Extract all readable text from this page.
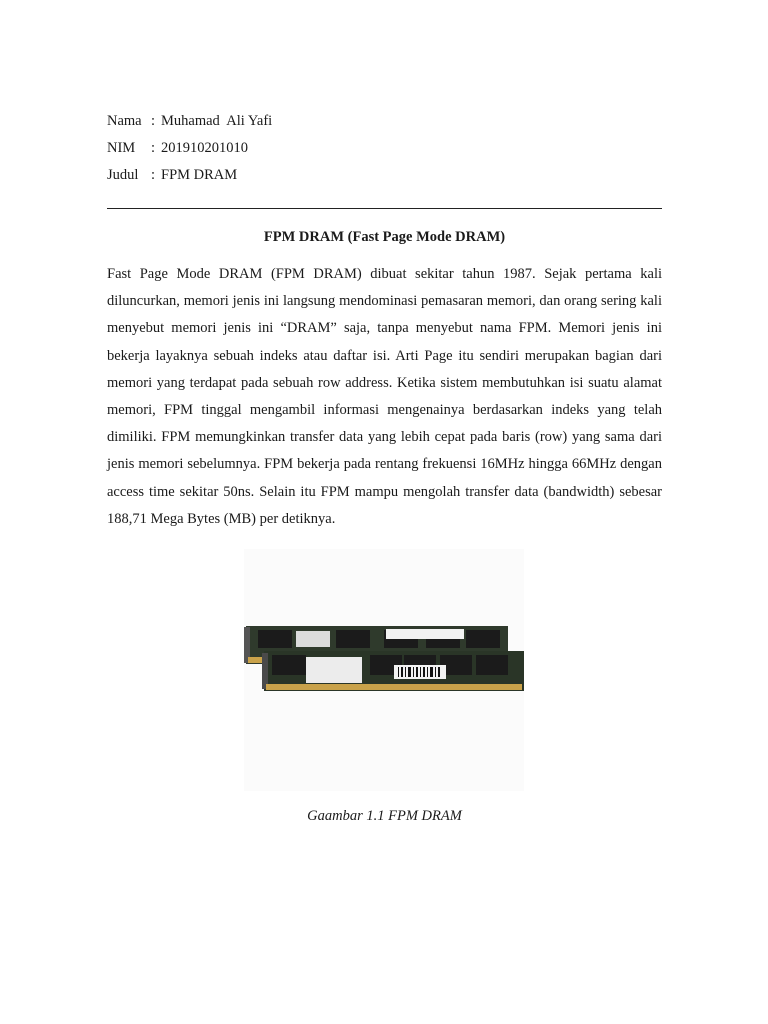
Nama : Muhamad  Ali Yafi
NIM	: 201910201010
Judul : FPM DRAM
FPM DRAM (Fast Page Mode DRAM)

Fast Page Mode DRAM (FPM DRAM) dibuat sekitar tahun 1987. Sejak pertama kali diluncurkan, memori jenis ini langsung mendominasi pemasaran memori, dan orang sering kali menyebut memori jenis ini “DRAM” saja, tanpa menyebut nama FPM. Memori jenis ini bekerja layaknya sebuah indeks atau daftar isi. Arti Page itu sendiri merupakan bagian dari memori yang terdapat pada sebuah row address. Ketika sistem membutuhkan isi suatu alamat memori, FPM tinggal mengambil informasi mengenainya berdasarkan indeks yang telah dimiliki. FPM memungkinkan transfer data yang lebih cepat pada baris (row) yang sama dari jenis memori sebelumnya. FPM bekerja pada rentang frekuensi 16MHz hingga 66MHz dengan access time sekitar 50ns. Selain itu FPM mampu mengolah transfer data (bandwidth) sebesar 188,71 Mega Bytes (MB) per detiknya.

Gaambar 1.1 FPM DRAM
